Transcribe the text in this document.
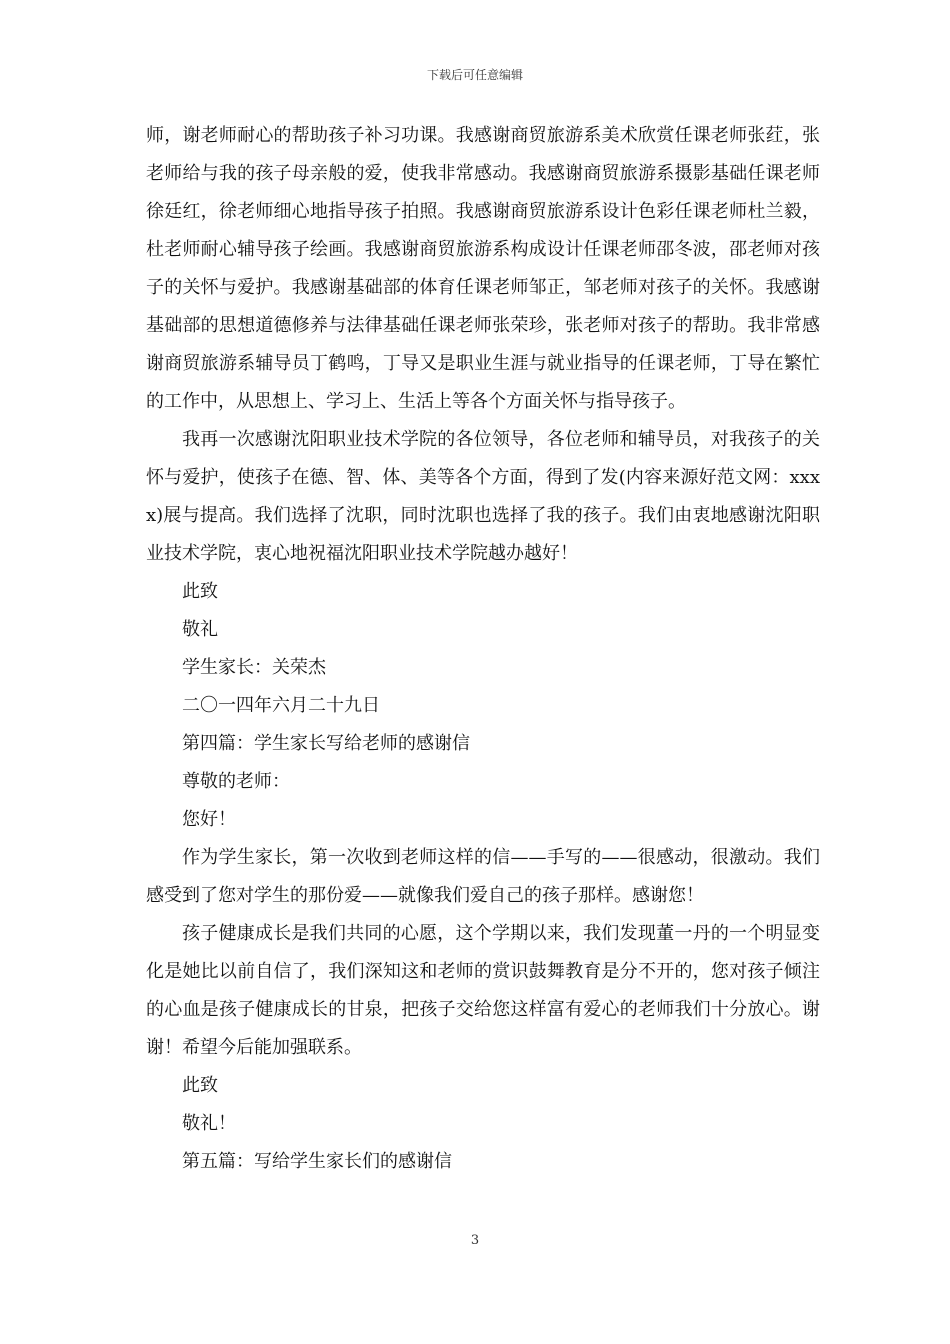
下载后可任意编辑

师，谢老师耐心的帮助孩子补习功课。我感谢商贸旅游系美术欣赏任课老师张荭，张老师给与我的孩子母亲般的爱，使我非常感动。我感谢商贸旅游系摄影基础任课老师徐廷红，徐老师细心地指导孩子拍照。我感谢商贸旅游系设计色彩任课老师杜兰毅，杜老师耐心辅导孩子绘画。我感谢商贸旅游系构成设计任课老师邵冬波，邵老师对孩子的关怀与爱护。我感谢基础部的体育任课老师邹正，邹老师对孩子的关怀。我感谢基础部的思想道德修养与法律基础任课老师张荣珍，张老师对孩子的帮助。我非常感谢商贸旅游系辅导员丁鹤鸣，丁导又是职业生涯与就业指导的任课老师，丁导在繁忙的工作中，从思想上、学习上、生活上等各个方面关怀与指导孩子。

我再一次感谢沈阳职业技术学院的各位领导，各位老师和辅导员，对我孩子的关怀与爱护，使孩子在德、智、体、美等各个方面，得到了发(内容来源好范文网：xxxx)展与提高。我们选择了沈职，同时沈职也选择了我的孩子。我们由衷地感谢沈阳职业技术学院，衷心地祝福沈阳职业技术学院越办越好！

此致

敬礼

学生家长：关荣杰

二〇一四年六月二十九日

第四篇：学生家长写给老师的感谢信

尊敬的老师：

您好！

作为学生家长，第一次收到老师这样的信——手写的——很感动，很激动。我们感受到了您对学生的那份爱——就像我们爱自己的孩子那样。感谢您！

孩子健康成长是我们共同的心愿，这个学期以来，我们发现董一丹的一个明显变化是她比以前自信了，我们深知这和老师的赏识鼓舞教育是分不开的，您对孩子倾注的心血是孩子健康成长的甘泉，把孩子交给您这样富有爱心的老师我们十分放心。谢谢！希望今后能加强联系。

此致

敬礼！

第五篇：写给学生家长们的感谢信

3
